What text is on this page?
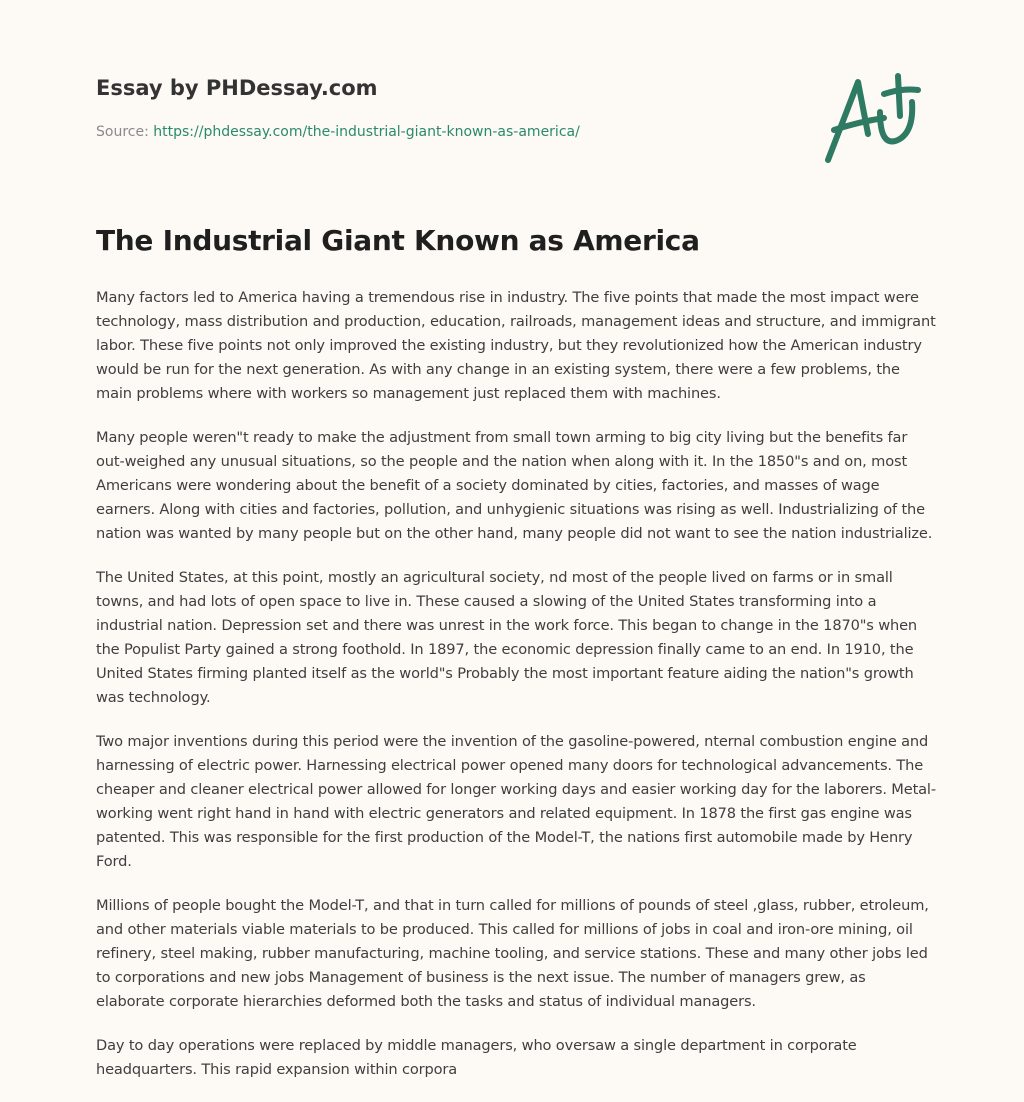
Essay by PHDessay.com

Source: https://phdessay.com/the-industrial-giant-known-as-america/
The Industrial Giant Known as America

Many factors led to America having a tremendous rise in industry. The five points that made the most impact were technology, mass distribution and production, education, railroads, management ideas and structure, and immigrant labor. These five points not only improved the existing industry, but they revolutionized how the American industry would be run for the next generation. As with any change in an existing system, there were a few problems, the main problems where with workers so management just replaced them with machines.

Many people weren"t ready to make the adjustment from small town arming to big city living but the benefits far out-weighed any unusual situations, so the people and the nation when along with it. In the 1850"s and on, most Americans were wondering about the benefit of a society dominated by cities, factories, and masses of wage earners. Along with cities and factories, pollution, and unhygienic situations was rising as well. Industrializing of the nation was wanted by many people but on the other hand, many people did not want to see the nation industrialize.

The United States, at this point, mostly an agricultural society, nd most of the people lived on farms or in small towns, and had lots of open space to live in. These caused a slowing of the United States transforming into a industrial nation. Depression set and there was unrest in the work force. This began to change in the 1870"s when the Populist Party gained a strong foothold. In 1897, the economic depression finally came to an end. In 1910, the United States firming planted itself as the world"s Probably the most important feature aiding the nation"s growth was technology.

Two major inventions during this period were the invention of the gasoline-powered, nternal combustion engine and harnessing of electric power. Harnessing electrical power opened many doors for technological advancements. The cheaper and cleaner electrical power allowed for longer working days and easier working day for the laborers. Metal-working went right hand in hand with electric generators and related equipment. In 1878 the first gas engine was patented. This was responsible for the first production of the Model-T, the nations first automobile made by Henry Ford.

Millions of people bought the Model-T, and that in turn called for millions of pounds of steel ,glass, rubber, etroleum, and other materials viable materials to be produced. This called for millions of jobs in coal and iron-ore mining, oil refinery, steel making, rubber manufacturing, machine tooling, and service stations. These and many other jobs led to corporations and new jobs Management of business is the next issue. The number of managers grew, as elaborate corporate hierarchies deformed both the tasks and status of individual managers.

Day to day operations were replaced by middle managers, who oversaw a single department in corporate headquarters. This rapid expansion within corpora
